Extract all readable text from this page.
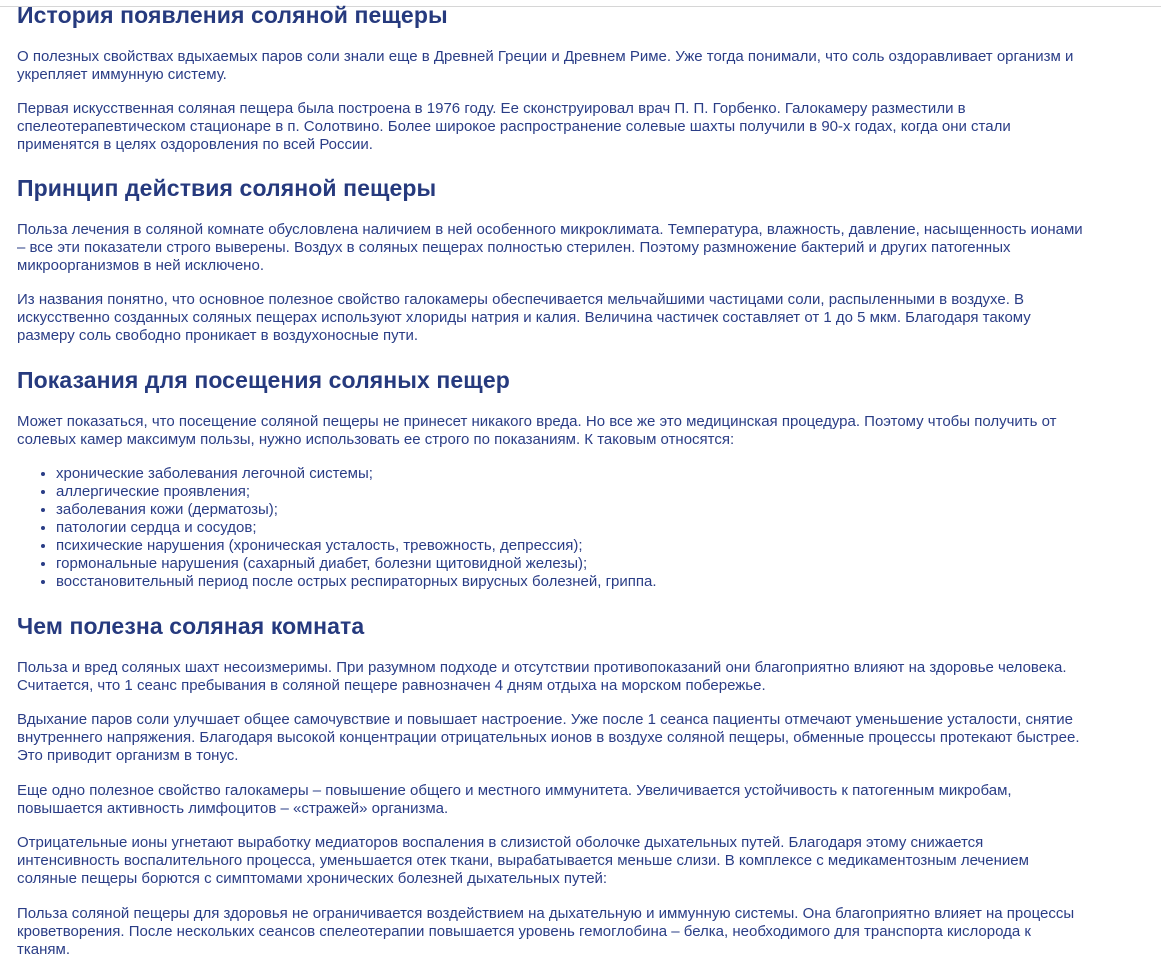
История появления соляной пещеры

О полезных свойствах вдыхаемых паров соли знали еще в Древней Греции и Древнем Риме. Уже тогда понимали, что соль оздоравливает организм и
укрепляет иммунную систему.

Первая искусственная соляная пещера была построена в 1976 году. Ее сконструировал врач П. П. Горбенко. Галокамеру разместили в
спелеотерапевтическом стационаре в п. Солотвино. Более широкое распространение солевые шахты получили в 90-х годах, когда они стали
применятся в целях оздоровления по всей России.

Принцип действия соляной пещеры

Польза лечения в соляной комнате обусловлена наличием в ней особенного микроклимата. Температура, влажность, давление, насыщенность ионами
– все эти показатели строго выверены. Воздух в соляных пещерах полностью стерилен. Поэтому размножение бактерий и других патогенных
микроорганизмов в ней исключено.

Из названия понятно, что основное полезное свойство галокамеры обеспечивается мельчайшими частицами соли, распыленными в воздухе. В
искусственно созданных соляных пещерах используют хлориды натрия и калия. Величина частичек составляет от 1 до 5 мкм. Благодаря такому
размеру соль свободно проникает в воздухоносные пути.

Показания для посещения соляных пещер

Может показаться, что посещение соляной пещеры не принесет никакого вреда. Но все же это медицинская процедура. Поэтому чтобы получить от
солевых камер максимум пользы, нужно использовать ее строго по показаниям. К таковым относятся:

• хронические заболевания легочной системы;
• аллергические проявления;
• заболевания кожи (дерматозы);
• патологии сердца и сосудов;
• психические нарушения (хроническая усталость, тревожность, депрессия);
• гормональные нарушения (сахарный диабет, болезни щитовидной железы);
• восстановительный период после острых респираторных вирусных болезней, гриппа.
Чем полезна соляная комната

Польза и вред соляных шахт несоизмеримы. При разумном подходе и отсутствии противопоказаний они благоприятно влияют на здоровье человека.
Считается, что 1 сеанс пребывания в соляной пещере равнозначен 4 дням отдыха на морском побережье.

Вдыхание паров соли улучшает общее самочувствие и повышает настроение. Уже после 1 сеанса пациенты отмечают уменьшение усталости, снятие
внутреннего напряжения. Благодаря высокой концентрации отрицательных ионов в воздухе соляной пещеры, обменные процессы протекают быстрее.
Это приводит организм в тонус.

Еще одно полезное свойство галокамеры – повышение общего и местного иммунитета. Увеличивается устойчивость к патогенным микробам,
повышается активность лимфоцитов – «стражей» организма.

Отрицательные ионы угнетают выработку медиаторов воспаления в слизистой оболочке дыхательных путей. Благодаря этому снижается
интенсивность воспалительного процесса, уменьшается отек ткани, вырабатывается меньше слизи. В комплексе с медикаментозным лечением
соляные пещеры борются с симптомами хронических болезней дыхательных путей:

Польза соляной пещеры для здоровья не ограничивается воздействием на дыхательную и иммунную системы. Она благоприятно влияет на процессы
кроветворения. После нескольких сеансов спелеотерапии повышается уровень гемоглобина – белка, необходимого для транспорта кислорода к
тканям.
